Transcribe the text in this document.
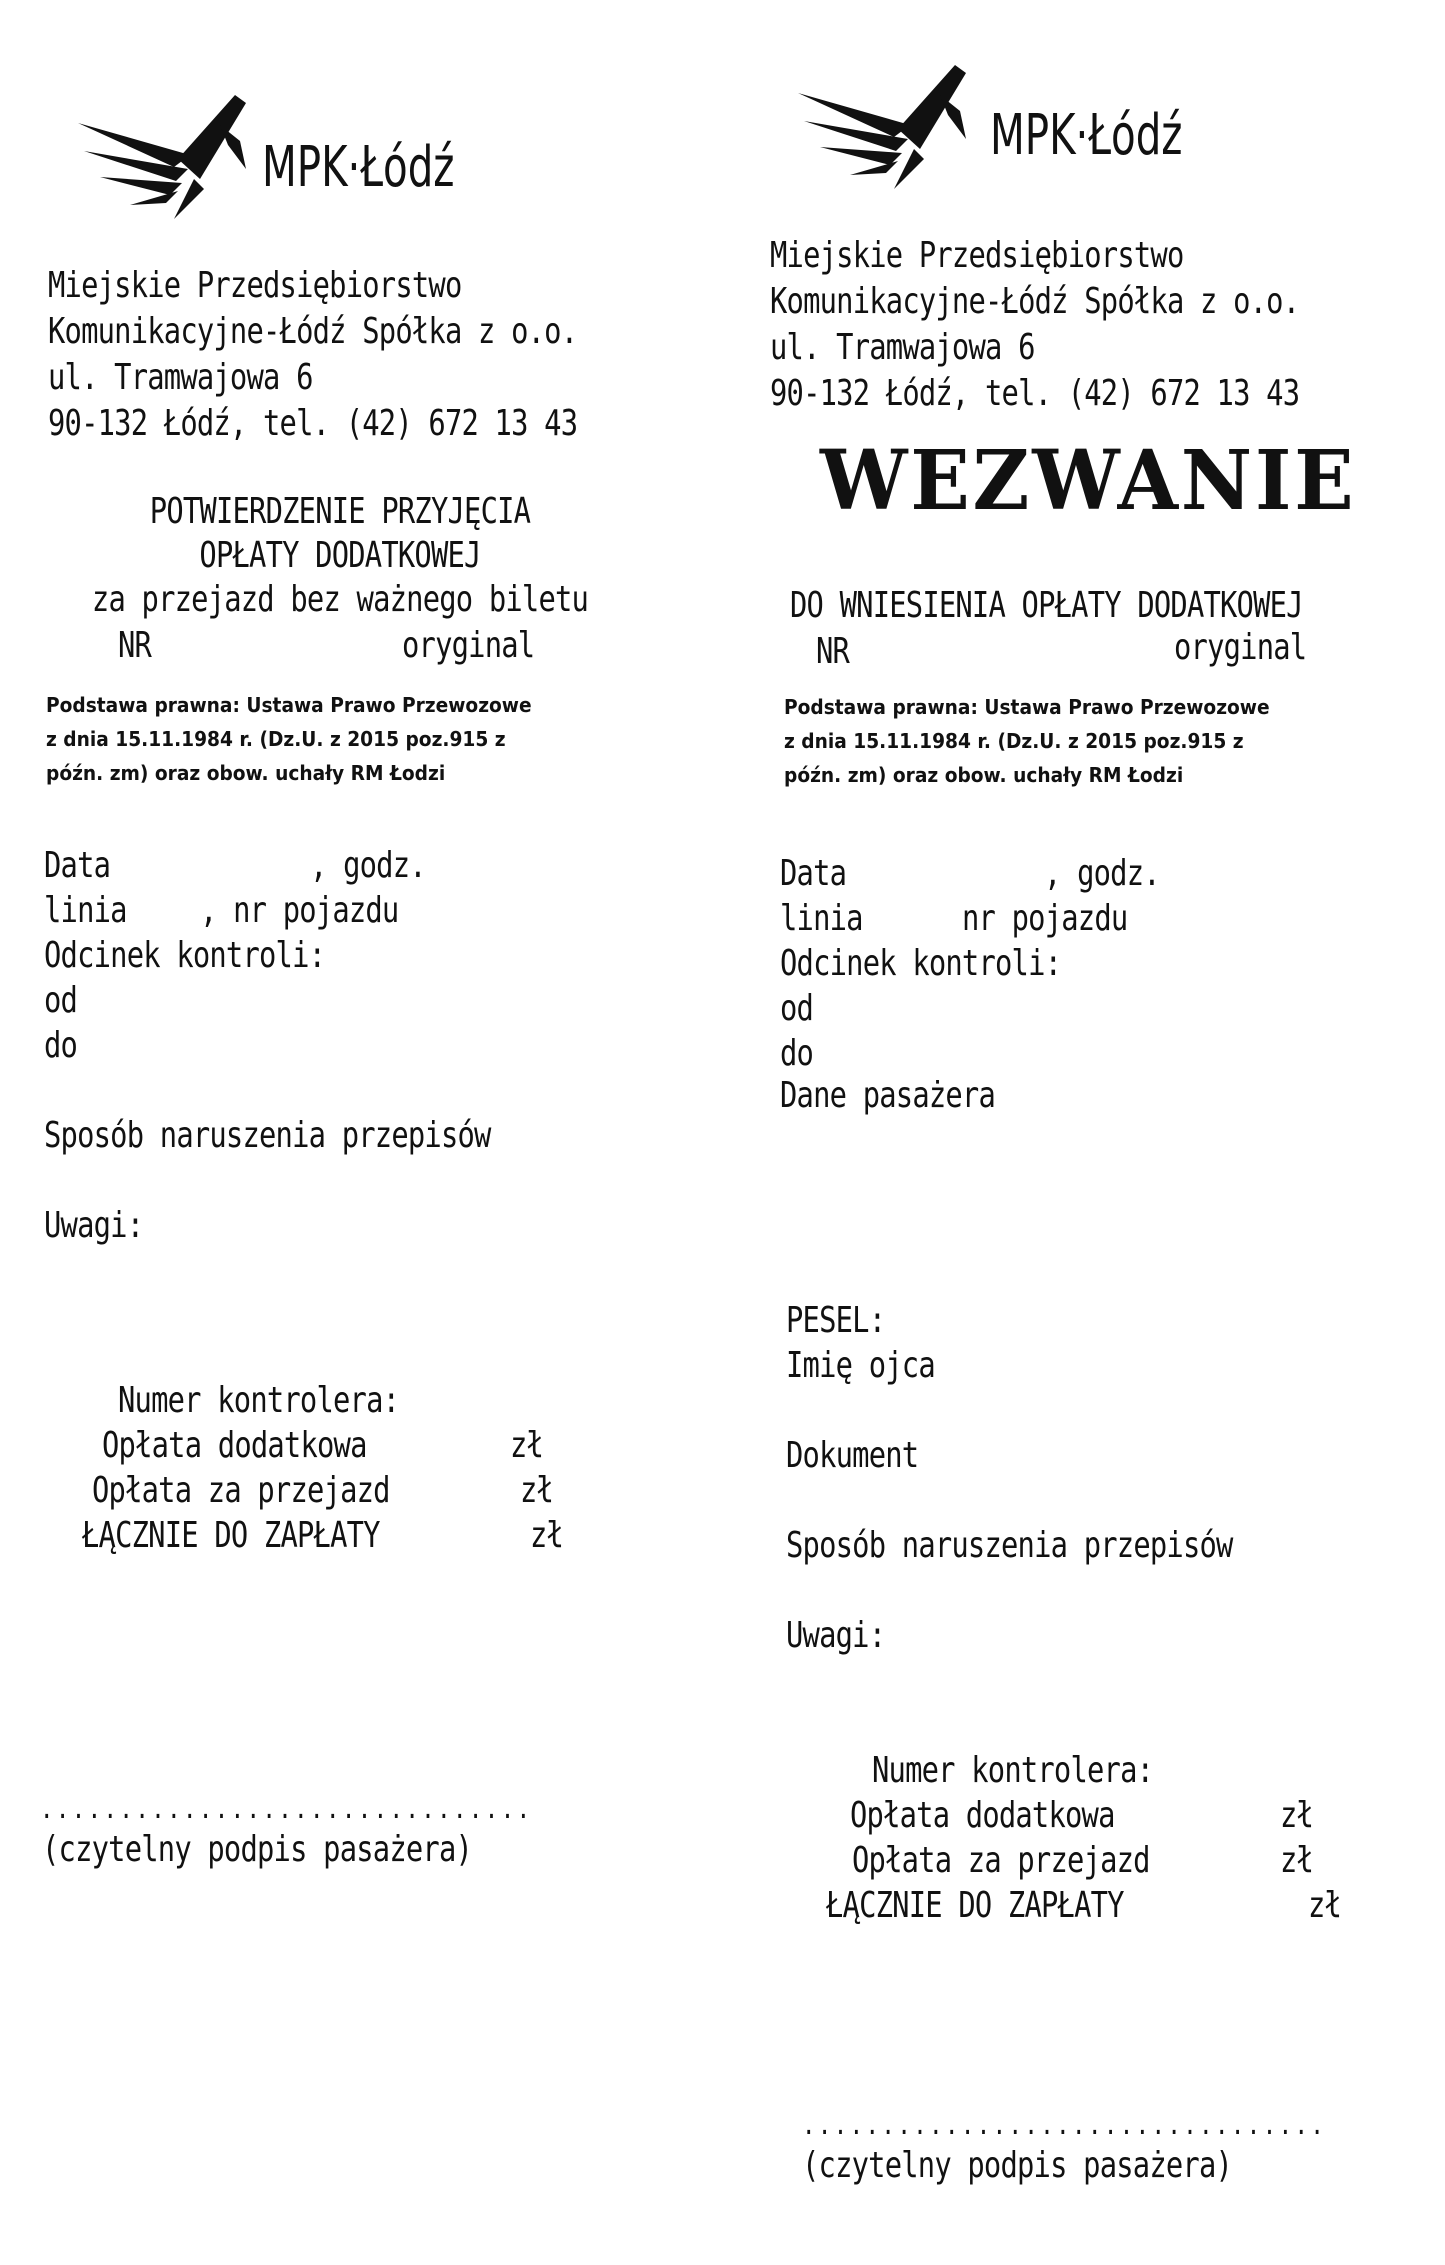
MPK·Łódź
Miejskie Przedsiębiorstwo
Komunikacyjne-Łódź Spółka z o.o.
ul. Tramwajowa 6
90-132 Łódź, tel. (42) 672 13 43
POTWIERDZENIE PRZYJĘCIA
OPŁATY DODATKOWEJ
za przejazd bez ważnego biletu
NR	oryginal
Podstawa prawna: Ustawa Prawo Przewozowe
z dnia 15.11.1984 r. (Dz.U. z 2015 poz.915 z
późn. zm) oraz obow. uchały RM Łodzi
Data	, godz.
linia , nr pojazdu
Odcinek kontroli:
od
do
Sposób naruszenia przepisów
Uwagi:
Numer kontrolera:
Opłata dodatkowa	zł
Opłata za przejazd	zł
ŁĄCZNIE DO ZAPŁATY	zł
...............................
(czytelny podpis pasażera)
MPK·Łódź
Miejskie Przedsiębiorstwo
Komunikacyjne-Łódź Spółka z o.o.
ul. Tramwajowa 6
90-132 Łódź, tel. (42) 672 13 43
WEZWANIE
DO WNIESIENIA OPŁATY DODATKOWEJ
NR	oryginal
Podstawa prawna: Ustawa Prawo Przewozowe
z dnia 15.11.1984 r. (Dz.U. z 2015 poz.915 z
późn. zm) oraz obow. uchały RM Łodzi
Data	, godz.
linia	nr pojazdu
Odcinek kontroli:
od
do
Dane pasażera
PESEL:
Imię ojca
Dokument
Sposób naruszenia przepisów
Uwagi:
Numer kontrolera:
Opłata dodatkowa	zł
Opłata za przejazd	zł
ŁĄCZNIE DO ZAPŁATY	zł
.................................
(czytelny podpis pasażera)
